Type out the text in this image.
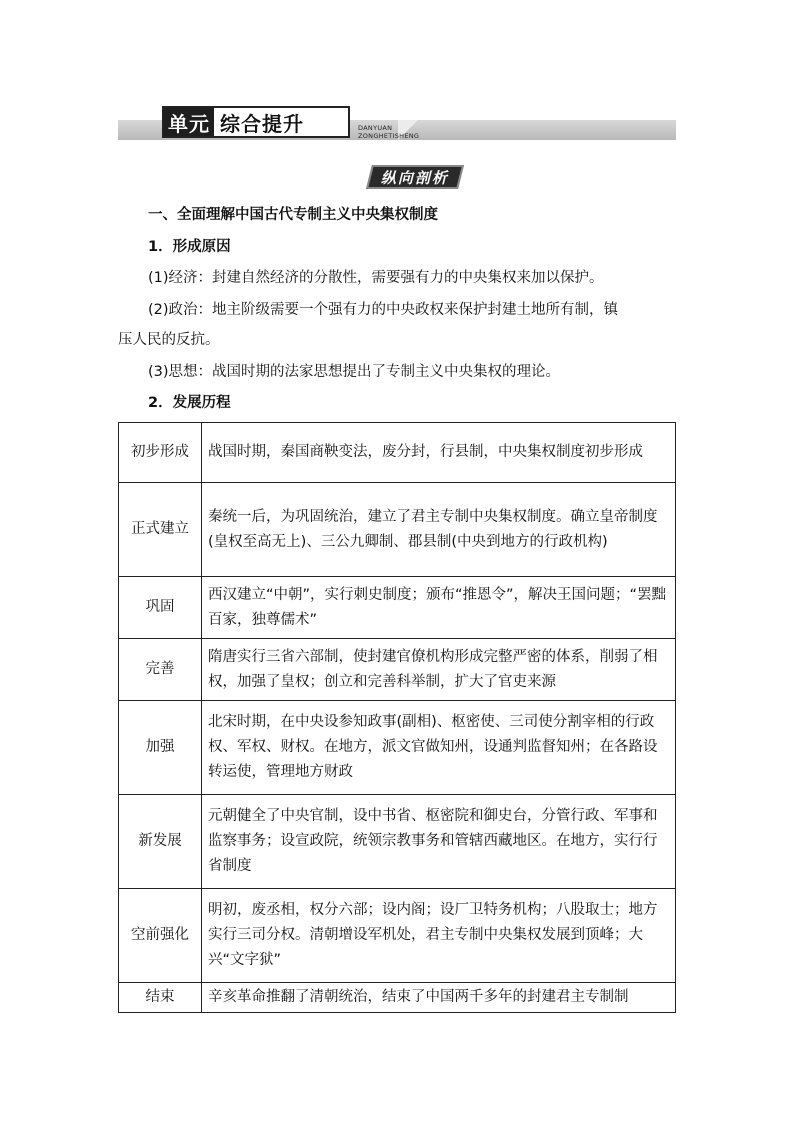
单元 综合提升	DANYUAN
ZONGHETISHENG
纵向剖析
一、全面理解中国古代专制主义中央集权制度
1．形成原因
(1)经济：封建自然经济的分散性，需要强有力的中央集权来加以保护。
(2)政治：地主阶级需要一个强有力的中央政权来保护封建土地所有制，镇
压人民的反抗。
(3)思想：战国时期的法家思想提出了专制主义中央集权的理论。
2．发展历程
初步形成	战国时期，秦国商鞅变法，废分封，行县制，中央集权制度初步形成
正式建立	秦统一后，为巩固统治，建立了君主专制中央集权制度。确立皇帝制度(皇权至高无上)、三公九卿制、郡县制(中央到地方的行政机构)
巩固	西汉建立“中朝”，实行刺史制度；颁布“推恩令”，解决王国问题；“罢黜百家，独尊儒术”
完善	隋唐实行三省六部制，使封建官僚机构形成完整严密的体系，削弱了相权，加强了皇权；创立和完善科举制，扩大了官吏来源
加强	北宋时期，在中央设参知政事(副相)、枢密使、三司使分割宰相的行政权、军权、财权。在地方，派文官做知州，设通判监督知州；在各路设转运使，管理地方财政
新发展	元朝健全了中央官制，设中书省、枢密院和御史台，分管行政、军事和监察事务；设宣政院，统领宗教事务和管辖西藏地区。在地方，实行行省制度
空前强化	明初，废丞相，权分六部；设内阁；设厂卫特务机构；八股取士；地方实行三司分权。清朝增设军机处，君主专制中央集权发展到顶峰；大兴“文字狱”
结束	辛亥革命推翻了清朝统治，结束了中国两千多年的封建君主专制制
